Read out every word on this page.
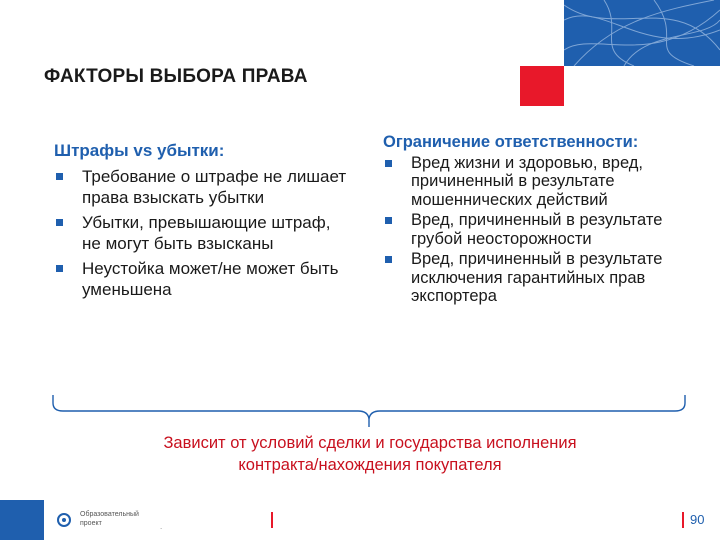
ФАКТОРЫ ВЫБОРА ПРАВА
Штрафы vs убытки:
Требование о штрафе не лишает права взыскать убытки
Убытки, превышающие штраф, не могут быть взысканы
Неустойка может/не может быть уменьшена
Ограничение ответственности:
Вред жизни и здоровью, вред, причиненный в результате мошеннических действий
Вред, причиненный в результате грубой неосторожности
Вред, причиненный в результате исключения гарантийных прав экспортера
Зависит от условий сделки и государства исполнения
контракта/нахождения покупателя
Образовательный
проект	.	90
